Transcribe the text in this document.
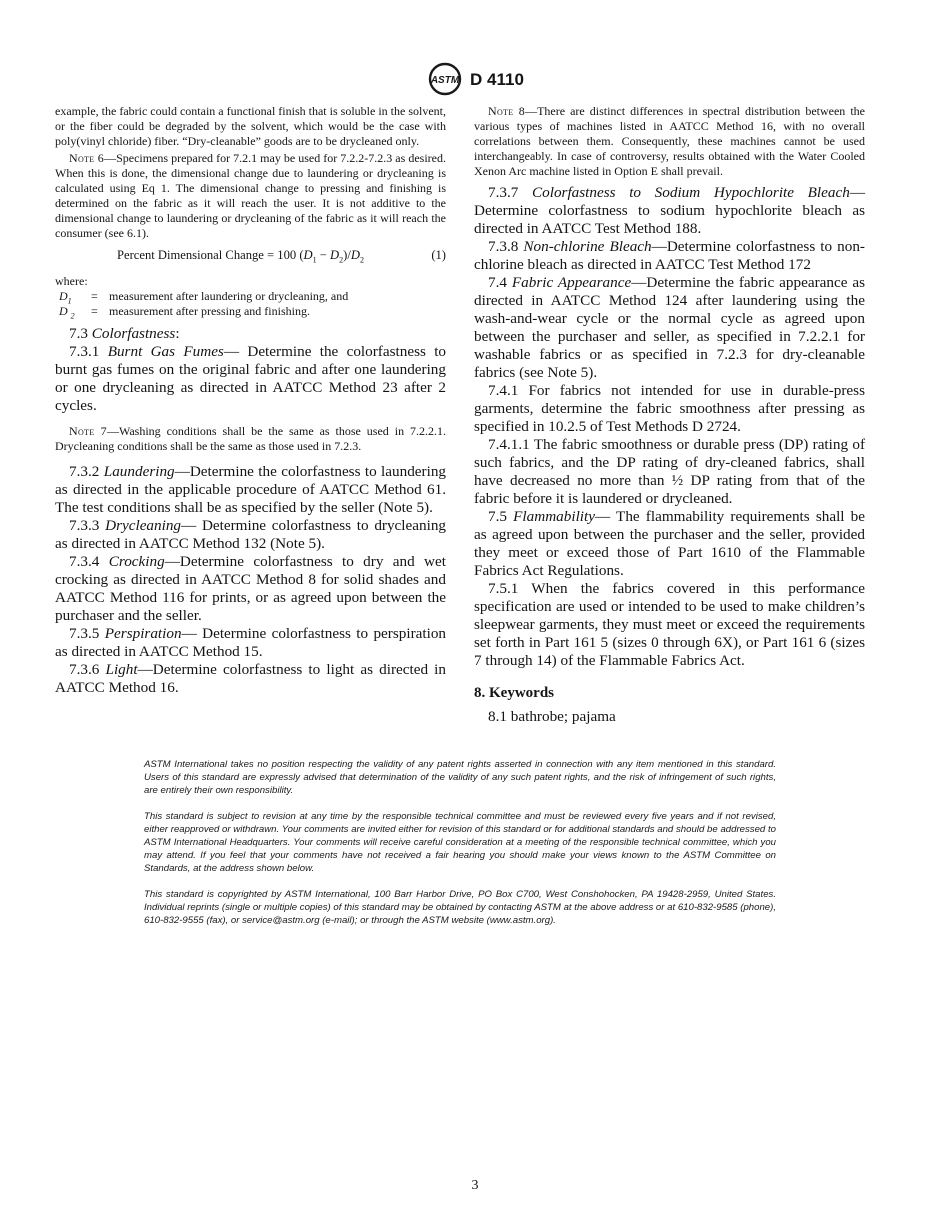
ASTM D 4110

example, the fabric could contain a functional finish that is soluble in the solvent, or the fiber could be degraded by the solvent, which would be the case with poly(vinyl chloride) fiber. “Dry-cleanable” goods are to be drycleaned only.

Note 6—Specimens prepared for 7.2.1 may be used for 7.2.2-7.2.3 as desired. When this is done, the dimensional change due to laundering or drycleaning is calculated using Eq 1. The dimensional change to pressing and finishing is determined on the fabric as it will reach the user. It is not additive to the dimensional change to laundering or drycleaning of the fabric as it will reach the consumer (see 6.1).

Percent Dimensional Change = 100 $(D_1 - D_2)/D_2$	(1)

where:

$D_1$ = measurement after laundering or drycleaning, and
D $_2$ = measurement after pressing and finishing.

7.3 Colorfastness:

7.3.1 Burnt Gas Fumes— Determine the colorfastness to burnt gas fumes on the original fabric and after one laundering or one drycleaning as directed in AATCC Method 23 after 2 cycles.

Note 7—Washing conditions shall be the same as those used in 7.2.2.1. Drycleaning conditions shall be the same as those used in 7.2.3.

7.3.2 Laundering—Determine the colorfastness to laundering as directed in the applicable procedure of AATCC Method 61. The test conditions shall be as specified by the seller (Note 5).

7.3.3 Drycleaning— Determine colorfastness to drycleaning as directed in AATCC Method 132 (Note 5).

7.3.4 Crocking—Determine colorfastness to dry and wet crocking as directed in AATCC Method 8 for solid shades and AATCC Method 116 for prints, or as agreed upon between the purchaser and the seller.

7.3.5 Perspiration— Determine colorfastness to perspiration as directed in AATCC Method 15.

7.3.6 Light—Determine colorfastness to light as directed in AATCC Method 16.

Note 8—There are distinct differences in spectral distribution between the various types of machines listed in AATCC Method 16, with no overall correlations between them. Consequently, these machines cannot be used interchangeably. In case of controversy, results obtained with the Water Cooled Xenon Arc machine listed in Option E shall prevail.

7.3.7 Colorfastness to Sodium Hypochlorite Bleach—Determine colorfastness to sodium hypochlorite bleach as directed in AATCC Test Method 188.

7.3.8 Non-chlorine Bleach—Determine colorfastness to non-chlorine bleach as directed in AATCC Test Method 172

7.4 Fabric Appearance—Determine the fabric appearance as directed in AATCC Method 124 after laundering using the wash-and-wear cycle or the normal cycle as agreed upon between the purchaser and seller, as specified in 7.2.2.1 for washable fabrics or as specified in 7.2.3 for dry-cleanable fabrics (see Note 5).

7.4.1 For fabrics not intended for use in durable-press garments, determine the fabric smoothness after pressing as specified in 10.2.5 of Test Methods D 2724.

7.4.1.1 The fabric smoothness or durable press (DP) rating of such fabrics, and the DP rating of dry-cleaned fabrics, shall have decreased no more than ½ DP rating from that of the fabric before it is laundered or drycleaned.

7.5 Flammability— The flammability requirements shall be as agreed upon between the purchaser and the seller, provided they meet or exceed those of Part 1610 of the Flammable Fabrics Act Regulations.

7.5.1 When the fabrics covered in this performance specification are used or intended to be used to make children’s sleepwear garments, they must meet or exceed the requirements set forth in Part 161 5 (sizes 0 through 6X), or Part 161 6 (sizes 7 through 14) of the Flammable Fabrics Act.

8. Keywords

8.1 bathrobe; pajama

ASTM International takes no position respecting the validity of any patent rights asserted in connection with any item mentioned in this standard. Users of this standard are expressly advised that determination of the validity of any such patent rights, and the risk of infringement of such rights, are entirely their own responsibility.

This standard is subject to revision at any time by the responsible technical committee and must be reviewed every five years and if not revised, either reapproved or withdrawn. Your comments are invited either for revision of this standard or for additional standards and should be addressed to ASTM International Headquarters. Your comments will receive careful consideration at a meeting of the responsible technical committee, which you may attend. If you feel that your comments have not received a fair hearing you should make your views known to the ASTM Committee on Standards, at the address shown below.

This standard is copyrighted by ASTM International, 100 Barr Harbor Drive, PO Box C700, West Conshohocken, PA 19428-2959, United States. Individual reprints (single or multiple copies) of this standard may be obtained by contacting ASTM at the above address or at 610-832-9585 (phone), 610-832-9555 (fax), or service@astm.org (e-mail); or through the ASTM website (www.astm.org).

3
